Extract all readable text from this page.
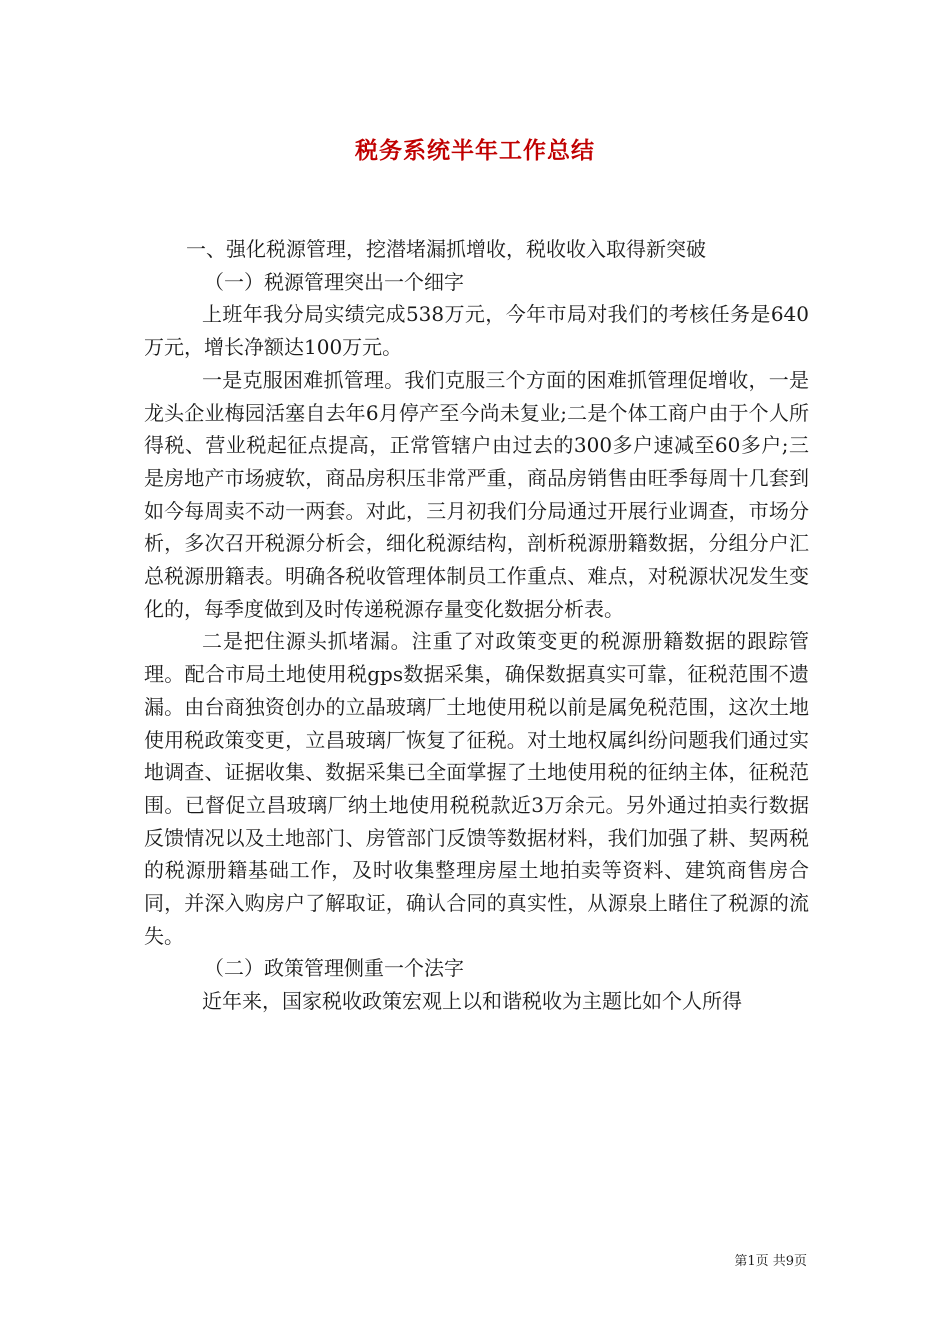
税务系统半年工作总结

一、强化税源管理，挖潜堵漏抓增收，税收收入取得新突破

（一）税源管理突出一个细字

上班年我分局实绩完成538万元，今年市局对我们的考核任务是640万元，增长净额达100万元。

一是克服困难抓管理。我们克服三个方面的困难抓管理促增收，一是龙头企业梅园活塞自去年6月停产至今尚未复业;二是个体工商户由于个人所得税、营业税起征点提高，正常管辖户由过去的300多户速减至60多户;三是房地产市场疲软，商品房积压非常严重，商品房销售由旺季每周十几套到如今每周卖不动一两套。对此，三月初我们分局通过开展行业调查，市场分析，多次召开税源分析会，细化税源结构，剖析税源册籍数据，分组分户汇总税源册籍表。明确各税收管理体制员工作重点、难点，对税源状况发生变化的，每季度做到及时传递税源存量变化数据分析表。

二是把住源头抓堵漏。注重了对政策变更的税源册籍数据的跟踪管理。配合市局土地使用税gps数据采集，确保数据真实可靠，征税范围不遗漏。由台商独资创办的立晶玻璃厂土地使用税以前是属免税范围，这次土地使用税政策变更，立昌玻璃厂恢复了征税。对土地权属纠纷问题我们通过实地调查、证据收集、数据采集已全面掌握了土地使用税的征纳主体，征税范围。已督促立昌玻璃厂纳土地使用税税款近3万余元。另外通过拍卖行数据反馈情况以及土地部门、房管部门反馈等数据材料，我们加强了耕、契两税的税源册籍基础工作，及时收集整理房屋土地拍卖等资料、建筑商售房合同，并深入购房户了解取证，确认合同的真实性，从源泉上睹住了税源的流失。

（二）政策管理侧重一个法字

近年来，国家税收政策宏观上以和谐税收为主题比如个人所得

第1页 共9页
